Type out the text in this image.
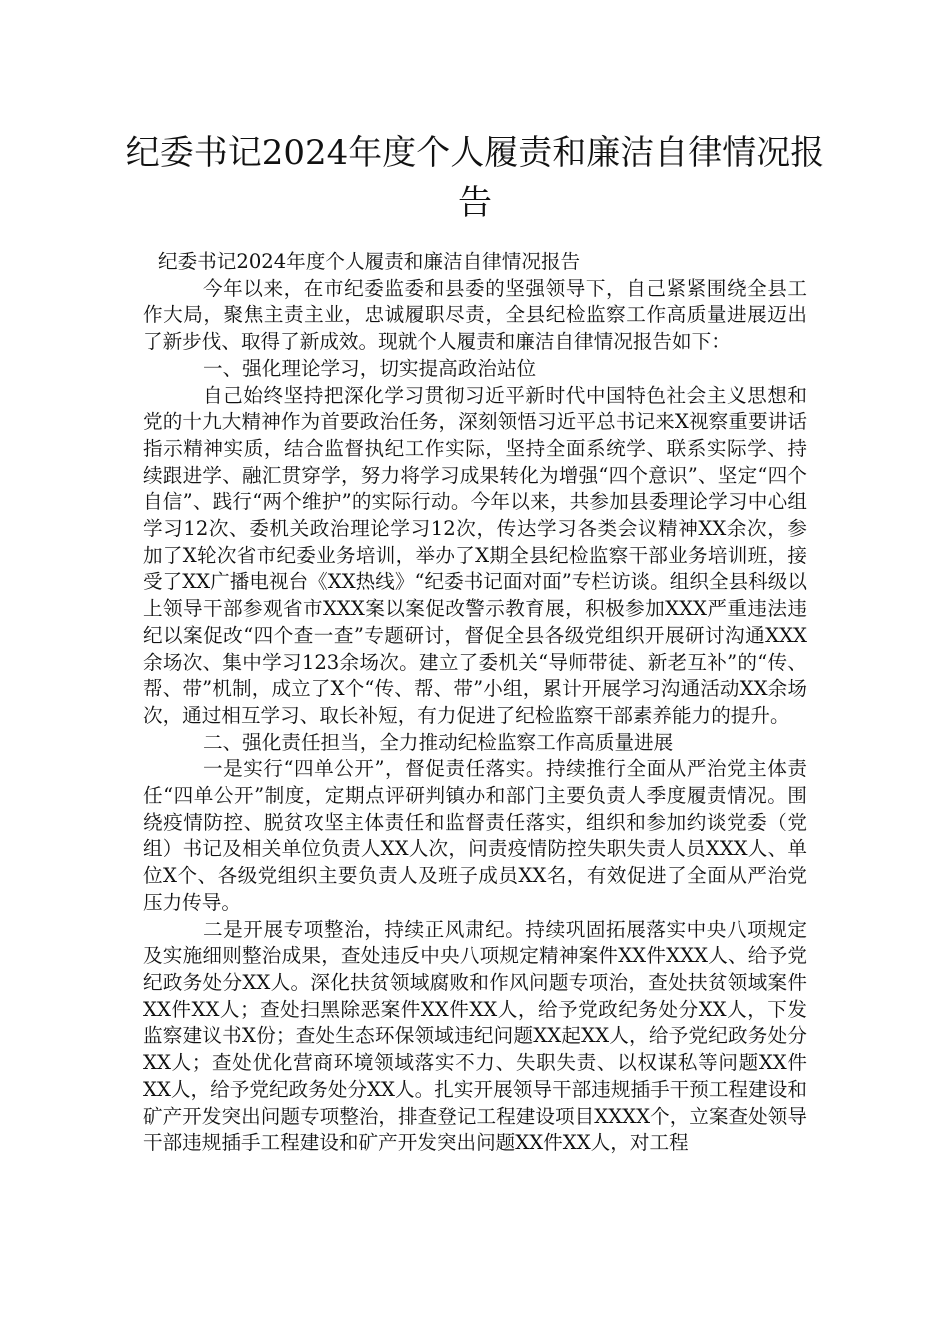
纪委书记2024年度个人履责和廉洁自律情况报告

纪委书记2024年度个人履责和廉洁自律情况报告

今年以来，在市纪委监委和县委的坚强领导下，自己紧紧围绕全县工作大局，聚焦主责主业，忠诚履职尽责，全县纪检监察工作高质量进展迈出了新步伐、取得了新成效。现就个人履责和廉洁自律情况报告如下：

一、强化理论学习，切实提高政治站位

自己始终坚持把深化学习贯彻习近平新时代中国特色社会主义思想和党的十九大精神作为首要政治任务，深刻领悟习近平总书记来X视察重要讲话指示精神实质，结合监督执纪工作实际，坚持全面系统学、联系实际学、持续跟进学、融汇贯穿学，努力将学习成果转化为增强“四个意识”、坚定“四个自信”、践行“两个维护”的实际行动。今年以来，共参加县委理论学习中心组学习12次、委机关政治理论学习12次，传达学习各类会议精神XX余次，参加了X轮次省市纪委业务培训，举办了X期全县纪检监察干部业务培训班，接受了XX广播电视台《XX热线》“纪委书记面对面”专栏访谈。组织全县科级以上领导干部参观省市XXX案以案促改警示教育展，积极参加XXX严重违法违纪以案促改“四个查一查”专题研讨，督促全县各级党组织开展研讨沟通XXX余场次、集中学习123余场次。建立了委机关“导师带徒、新老互补”的“传、帮、带”机制，成立了X个“传、帮、带”小组，累计开展学习沟通活动XX余场次，通过相互学习、取长补短，有力促进了纪检监察干部素养能力的提升。

二、强化责任担当，全力推动纪检监察工作高质量进展

一是实行“四单公开”，督促责任落实。持续推行全面从严治党主体责任“四单公开”制度，定期点评研判镇办和部门主要负责人季度履责情况。围绕疫情防控、脱贫攻坚主体责任和监督责任落实，组织和参加约谈党委（党组）书记及相关单位负责人XX人次，问责疫情防控失职失责人员XXX人、单位X个、各级党组织主要负责人及班子成员XX名，有效促进了全面从严治党压力传导。

二是开展专项整治，持续正风肃纪。持续巩固拓展落实中央八项规定及实施细则整治成果，查处违反中央八项规定精神案件XX件XXX人、给予党纪政务处分XX人。深化扶贫领域腐败和作风问题专项治，查处扶贫领域案件XX件XX人；查处扫黑除恶案件XX件XX人，给予党政纪务处分XX人，下发监察建议书X份；查处生态环保领域违纪问题XX起XX人，给予党纪政务处分XX人；查处优化营商环境领域落实不力、失职失责、以权谋私等问题XX件XX人，给予党纪政务处分XX人。扎实开展领导干部违规插手干预工程建设和矿产开发突出问题专项整治，排查登记工程建设项目XXXX个，立案查处领导干部违规插手工程建设和矿产开发突出问题XX件XX人，对工程
